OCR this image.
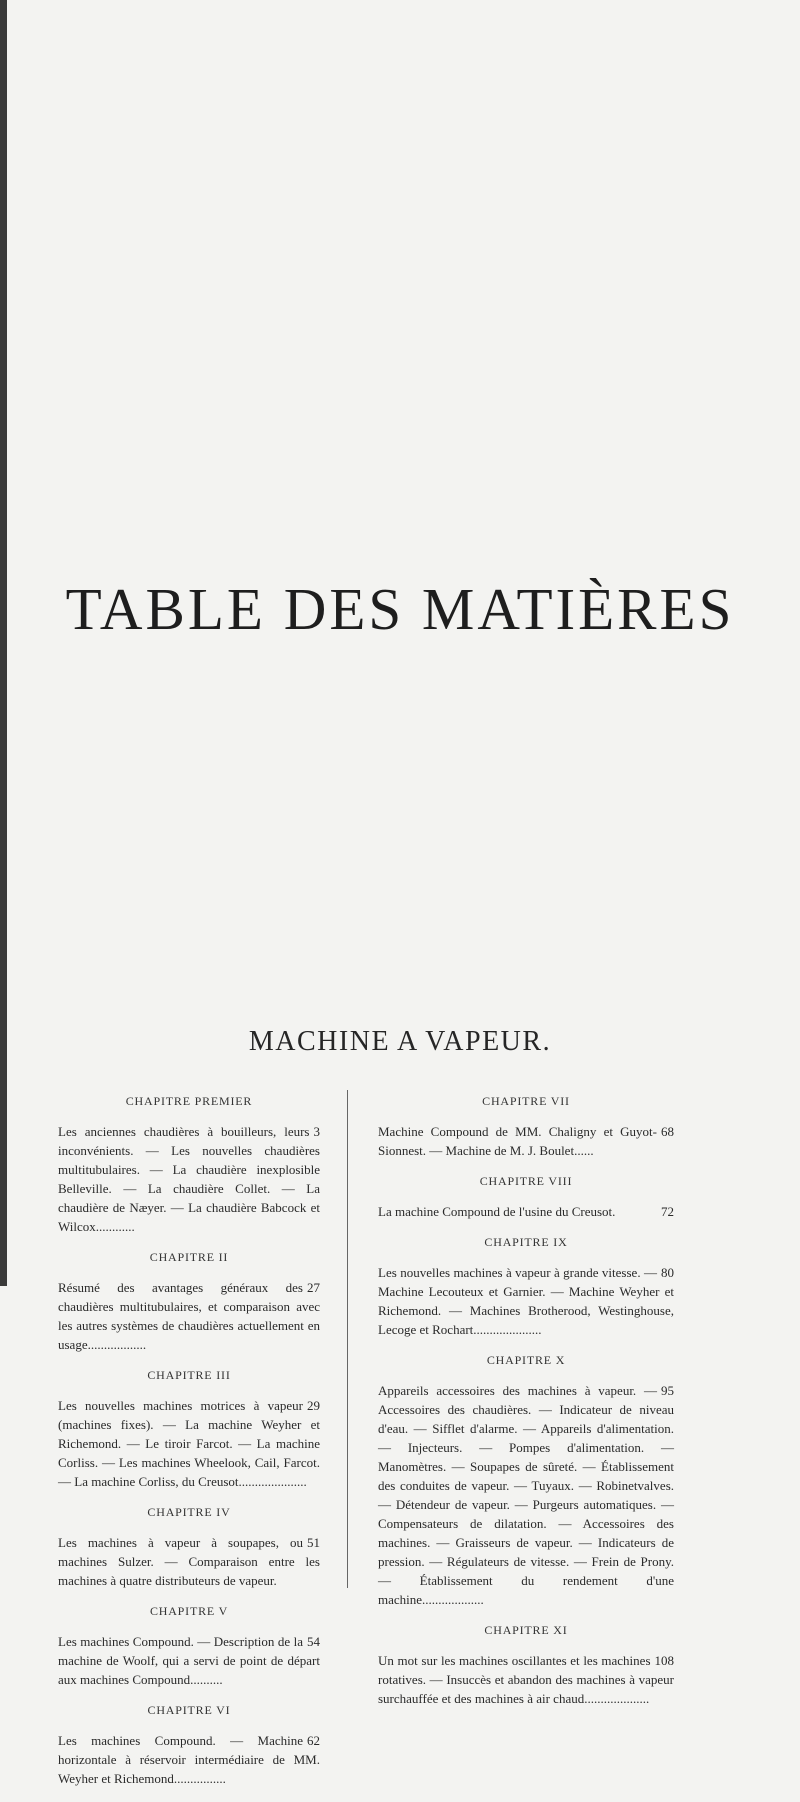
TABLE DES MATIÈRES
MACHINE A VAPEUR.
CHAPITRE PREMIER

3
Les anciennes chaudières à bouilleurs, leurs inconvénients. — Les nouvelles chaudières multitubulaires. — La chaudière inexplosible Belleville. — La chaudière Collet. — La chaudière de Næyer. — La chaudière Babcock et Wilcox............

CHAPITRE II

27
Résumé des avantages généraux des chaudières multitubulaires, et comparaison avec les autres systèmes de chaudières actuellement en usage..................

CHAPITRE III

29
Les nouvelles machines motrices à vapeur (machines fixes). — La machine Weyher et Richemond. — Le tiroir Farcot. — La machine Corliss. — Les machines Wheelook, Cail, Farcot. — La machine Corliss, du Creusot.....................

CHAPITRE IV

51
Les machines à vapeur à soupapes, ou machines Sulzer. — Comparaison entre les machines à quatre distributeurs de vapeur.

CHAPITRE V

54
Les machines Compound. — Description de la machine de Woolf, qui a servi de point de départ aux machines Compound..........

CHAPITRE VI

62
Les machines Compound. — Machine horizontale à réservoir intermédiaire de MM. Weyher et Richemond................

CHAPITRE VII

68
Machine Compound de MM. Chaligny et Guyot-Sionnest. — Machine de M. J. Boulet......

CHAPITRE VIII

72
La machine Compound de l'usine du Creusot.

CHAPITRE IX

80
Les nouvelles machines à vapeur à grande vitesse. — Machine Lecouteux et Garnier. — Machine Weyher et Richemond. — Machines Brotherood, Westinghouse, Lecoge et Rochart.....................

CHAPITRE X

95
Appareils accessoires des machines à vapeur. — Accessoires des chaudières. — Indicateur de niveau d'eau. — Sifflet d'alarme. — Appareils d'alimentation. — Injecteurs. — Pompes d'alimentation. — Manomètres. — Soupapes de sûreté. — Établissement des conduites de vapeur. — Tuyaux. — Robinetvalves. — Détendeur de vapeur. — Purgeurs automatiques. — Compensateurs de dilatation. — Accessoires des machines. — Graisseurs de vapeur. — Indicateurs de pression. — Régulateurs de vitesse. — Frein de Prony. — Établissement du rendement d'une machine...................

CHAPITRE XI

108
Un mot sur les machines oscillantes et les machines rotatives. — Insuccès et abandon des machines à vapeur surchauffée et des machines à air chaud....................
